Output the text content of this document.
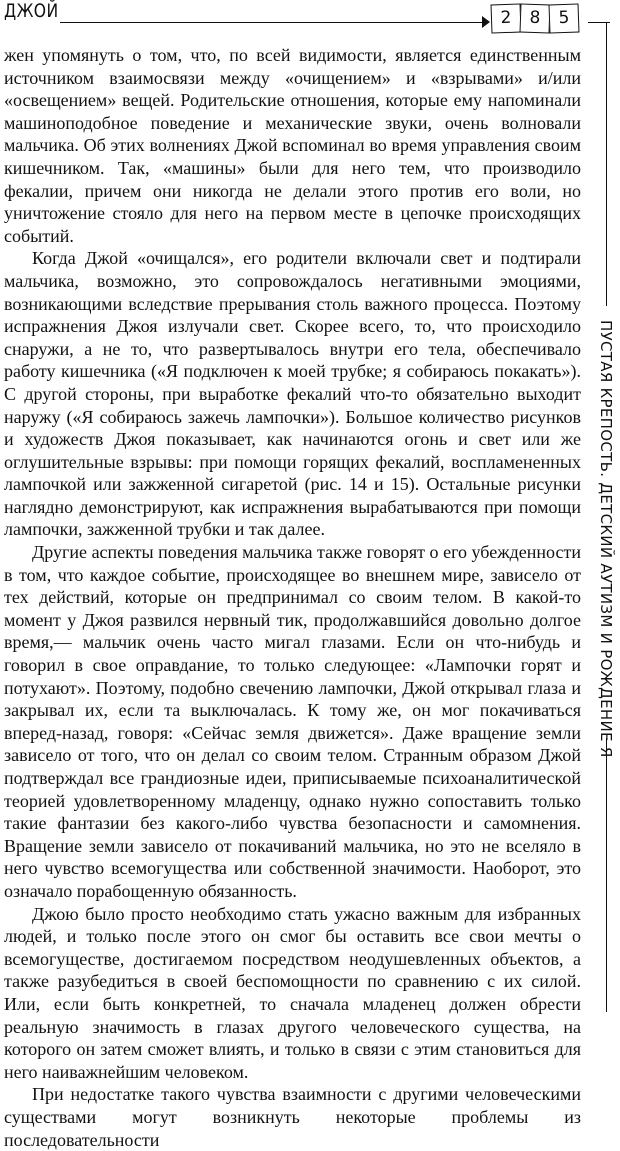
ДЖОЙ	2	8	5
ПУСТАЯ КРЕПОСТЬ. ДЕТСКИЙ АУТИЗМ И РОЖДЕНИЕ Я

жен упомянуть о том, что, по всей видимости, является единственным источником взаимосвязи между «очищением» и «взрывами» и/или «освещением» вещей. Родительские отношения, которые ему напоминали машиноподобное поведение и механические звуки, очень волновали мальчика. Об этих волнениях Джой вспоминал во время управления своим кишечником. Так, «машины» были для него тем, что производило фекалии, причем они никогда не делали этого против его воли, но уничтожение стояло для него на первом месте в цепочке происходящих событий.

Когда Джой «очищался», его родители включали свет и подтирали мальчика, возможно, это сопровождалось негативными эмоциями, возникающими вследствие прерывания столь важного процесса. Поэтому испражнения Джоя излучали свет. Скорее всего, то, что происходило снаружи, а не то, что развертывалось внутри его тела, обеспечивало работу кишечника («Я подключен к моей трубке; я собираюсь покакать»). С другой стороны, при выработке фекалий что-то обязательно выходит наружу («Я собираюсь зажечь лампочки»). Большое количество рисунков и художеств Джоя показывает, как начинаются огонь и свет или же оглушительные взрывы: при помощи горящих фекалий, воспламененных лампочкой или зажженной сигаретой (рис. 14 и 15). Остальные рисунки наглядно демонстрируют, как испражнения вырабатываются при помощи лампочки, зажженной трубки и так далее.

Другие аспекты поведения мальчика также говорят о его убежденности в том, что каждое событие, происходящее во внешнем мире, зависело от тех действий, которые он предпринимал со своим телом. В какой-то момент у Джоя развился нервный тик, продолжавшийся довольно долгое время,— мальчик очень часто мигал глазами. Если он что-нибудь и говорил в свое оправдание, то только следующее: «Лампочки горят и потухают». Поэтому, подобно свечению лампочки, Джой открывал глаза и закрывал их, если та выключалась. К тому же, он мог покачиваться вперед-назад, говоря: «Сейчас земля движется». Даже вращение земли зависело от того, что он делал со своим телом. Странным образом Джой подтверждал все грандиозные идеи, приписываемые психоаналитической теорией удовлетворенному младенцу, однако нужно сопоставить только такие фантазии без какого-либо чувства безопасности и самомнения. Вращение земли зависело от покачиваний мальчика, но это не вселяло в него чувство всемогущества или собственной значимости. Наоборот, это означало порабощенную обязанность.

Джою было просто необходимо стать ужасно важным для избранных людей, и только после этого он смог бы оставить все свои мечты о всемогуществе, достигаемом посредством неодушевленных объектов, а также разубедиться в своей беспомощности по сравнению с их силой. Или, если быть конкретней, то сначала младенец должен обрести реальную значимость в глазах другого человеческого существа, на которого он затем сможет влиять, и только в связи с этим становиться для него наиважнейшим человеком.

При недостатке такого чувства взаимности с другими человеческими существами могут возникнуть некоторые проблемы из последовательности
